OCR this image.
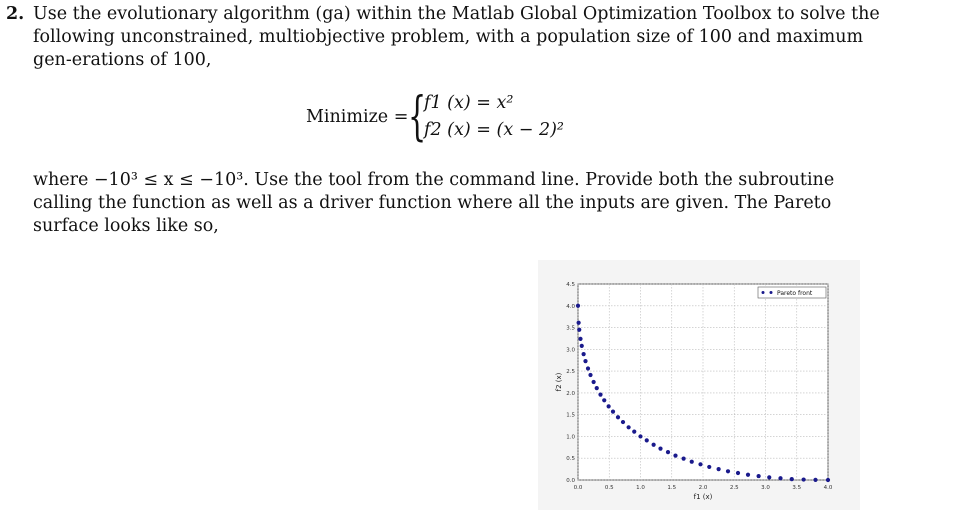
2. Use the evolutionary algorithm (ga) within the Matlab Global Optimization Toolbox to solve the following unconstrained, multiobjective problem, with a population size of 100 and maximum gen-erations of 100,
Minimize = {
f1 (x) = x²
f2 (x) = (x − 2)²
where −10³ ≤ x ≤ −10³. Use the tool from the command line. Provide both the subroutine calling the function as well as a driver function where all the inputs are given. The Pareto surface looks like so,
0.0	0.5	1.0	1.5	2.0	2.5	3.0	3.5	4.0
0.0
0.5
1.0
1.5
2.0
2.5
3.0
3.5
4.0
4.5
f1 (x)
f2 (x)
Pareto front
